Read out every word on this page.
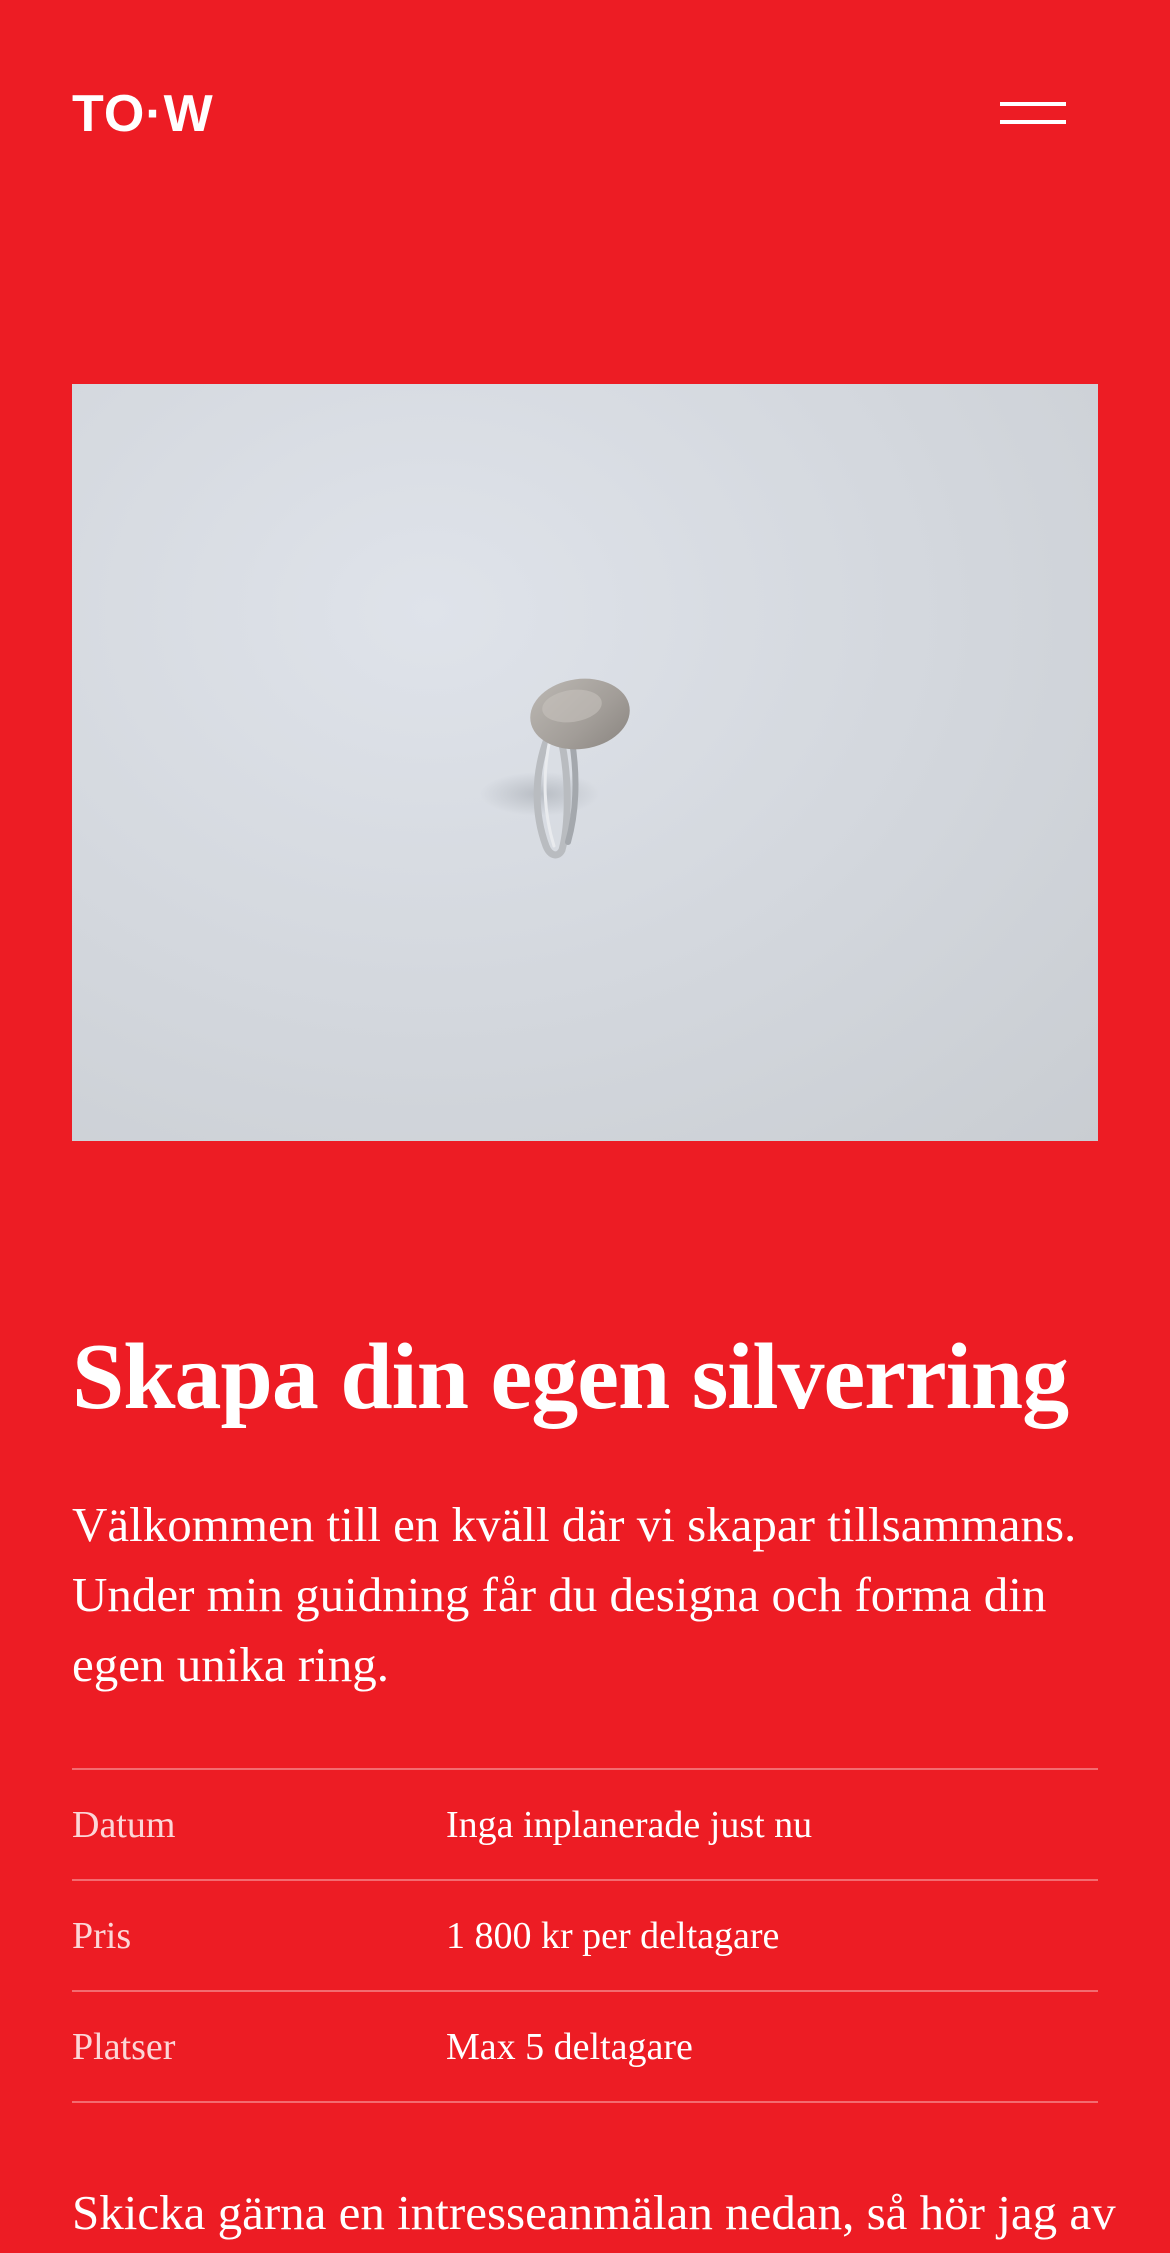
TO·W
Skapa din egen silverring

Välkommen till en kväll där vi skapar tillsammans. Under min guidning får du designa och forma din egen unika ring.

Datum	Inga inplanerade just nu
Pris	1 800 kr per deltagare
Platser	Max 5 deltagare

Skicka gärna en intresseanmälan nedan, så hör jag av
